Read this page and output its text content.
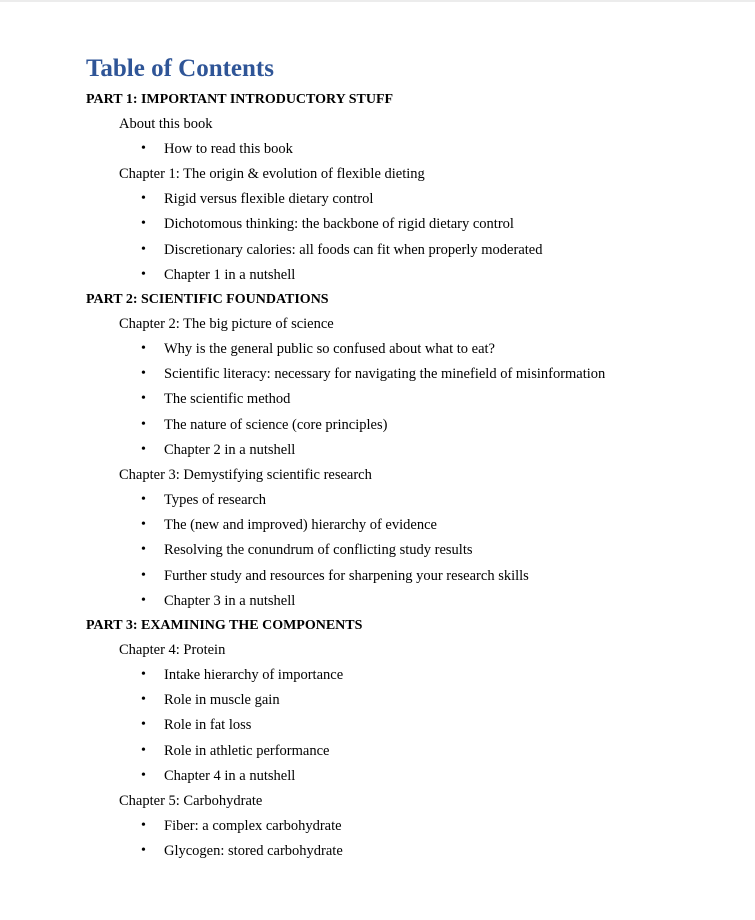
Table of Contents
PART 1: IMPORTANT INTRODUCTORY STUFF
About this book
• How to read this book
Chapter 1: The origin & evolution of flexible dieting
• Rigid versus flexible dietary control
• Dichotomous thinking: the backbone of rigid dietary control
• Discretionary calories: all foods can fit when properly moderated
• Chapter 1 in a nutshell
PART 2: SCIENTIFIC FOUNDATIONS
Chapter 2: The big picture of science
• Why is the general public so confused about what to eat?
• Scientific literacy: necessary for navigating the minefield of misinformation
• The scientific method
• The nature of science (core principles)
• Chapter 2 in a nutshell
Chapter 3: Demystifying scientific research
• Types of research
• The (new and improved) hierarchy of evidence
• Resolving the conundrum of conflicting study results
• Further study and resources for sharpening your research skills
• Chapter 3 in a nutshell
PART 3: EXAMINING THE COMPONENTS
Chapter 4: Protein
• Intake hierarchy of importance
• Role in muscle gain
• Role in fat loss
• Role in athletic performance
• Chapter 4 in a nutshell
Chapter 5: Carbohydrate
• Fiber: a complex carbohydrate
• Glycogen: stored carbohydrate
